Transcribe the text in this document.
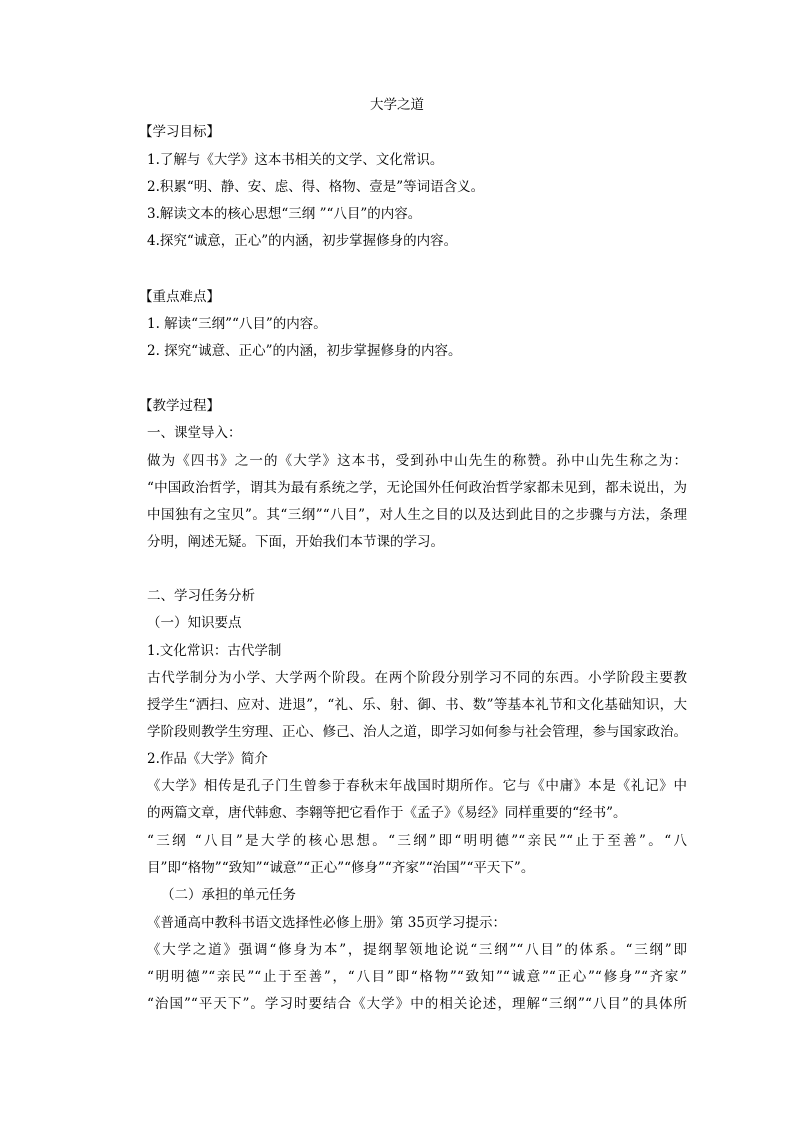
大学之道

【学习目标】

1.了解与《大学》这本书相关的文学、文化常识。

2.积累“明、静、安、虑、得、格物、壹是”等词语含义。

3.解读文本的核心思想“三纲 ”“八目”的内容。

4.探究“诚意，正心”的内涵，初步掌握修身的内容。

【重点难点】

1. 解读“三纲”“八目”的内容。

2. 探究“诚意、正心”的内涵，初步掌握修身的内容。

【教学过程】

一、课堂导入：

做为《四书》之一的《大学》这本书，受到孙中山先生的称赞。孙中山先生称之为：

“中国政治哲学，谓其为最有系统之学，无论国外任何政治哲学家都未见到，都未说出，为

中国独有之宝贝”。其“三纲”“八目”，对人生之目的以及达到此目的之步骤与方法，条理

分明，阐述无疑。下面，开始我们本节课的学习。

二、学习任务分析

（一）知识要点

1.文化常识：古代学制

古代学制分为小学、大学两个阶段。在两个阶段分别学习不同的东西。小学阶段主要教

授学生“洒扫、应对、进退”，“礼、乐、射、御、书、数”等基本礼节和文化基础知识，大

学阶段则教学生穷理、正心、修己、治人之道，即学习如何参与社会管理，参与国家政治。

2.作品《大学》简介

《大学》相传是孔子门生曾参于春秋末年战国时期所作。它与《中庸》本是《礼记》中

的两篇文章，唐代韩愈、李翱等把它看作于《孟子》《易经》同样重要的“经书”。

“三纲 “八目”是大学的核心思想。“三纲”即“明明德”“亲民”“止于至善”。“八

目”即“格物”“致知”“诚意”“正心”“修身”“齐家”“治国”“平天下”。

（二）承担的单元任务

《普通高中教科书语文选择性必修上册》第 35页学习提示：

《大学之道》强调“修身为本”，提纲挈领地论说“三纲”“八目”的体系。“三纲”即

“明明德”“亲民”“止于至善”，“八目”即“格物”“致知”“诚意”“正心”“修身”“齐家”

“治国”“平天下”。学习时要结合《大学》中的相关论述，理解“三纲”“八目”的具体所
